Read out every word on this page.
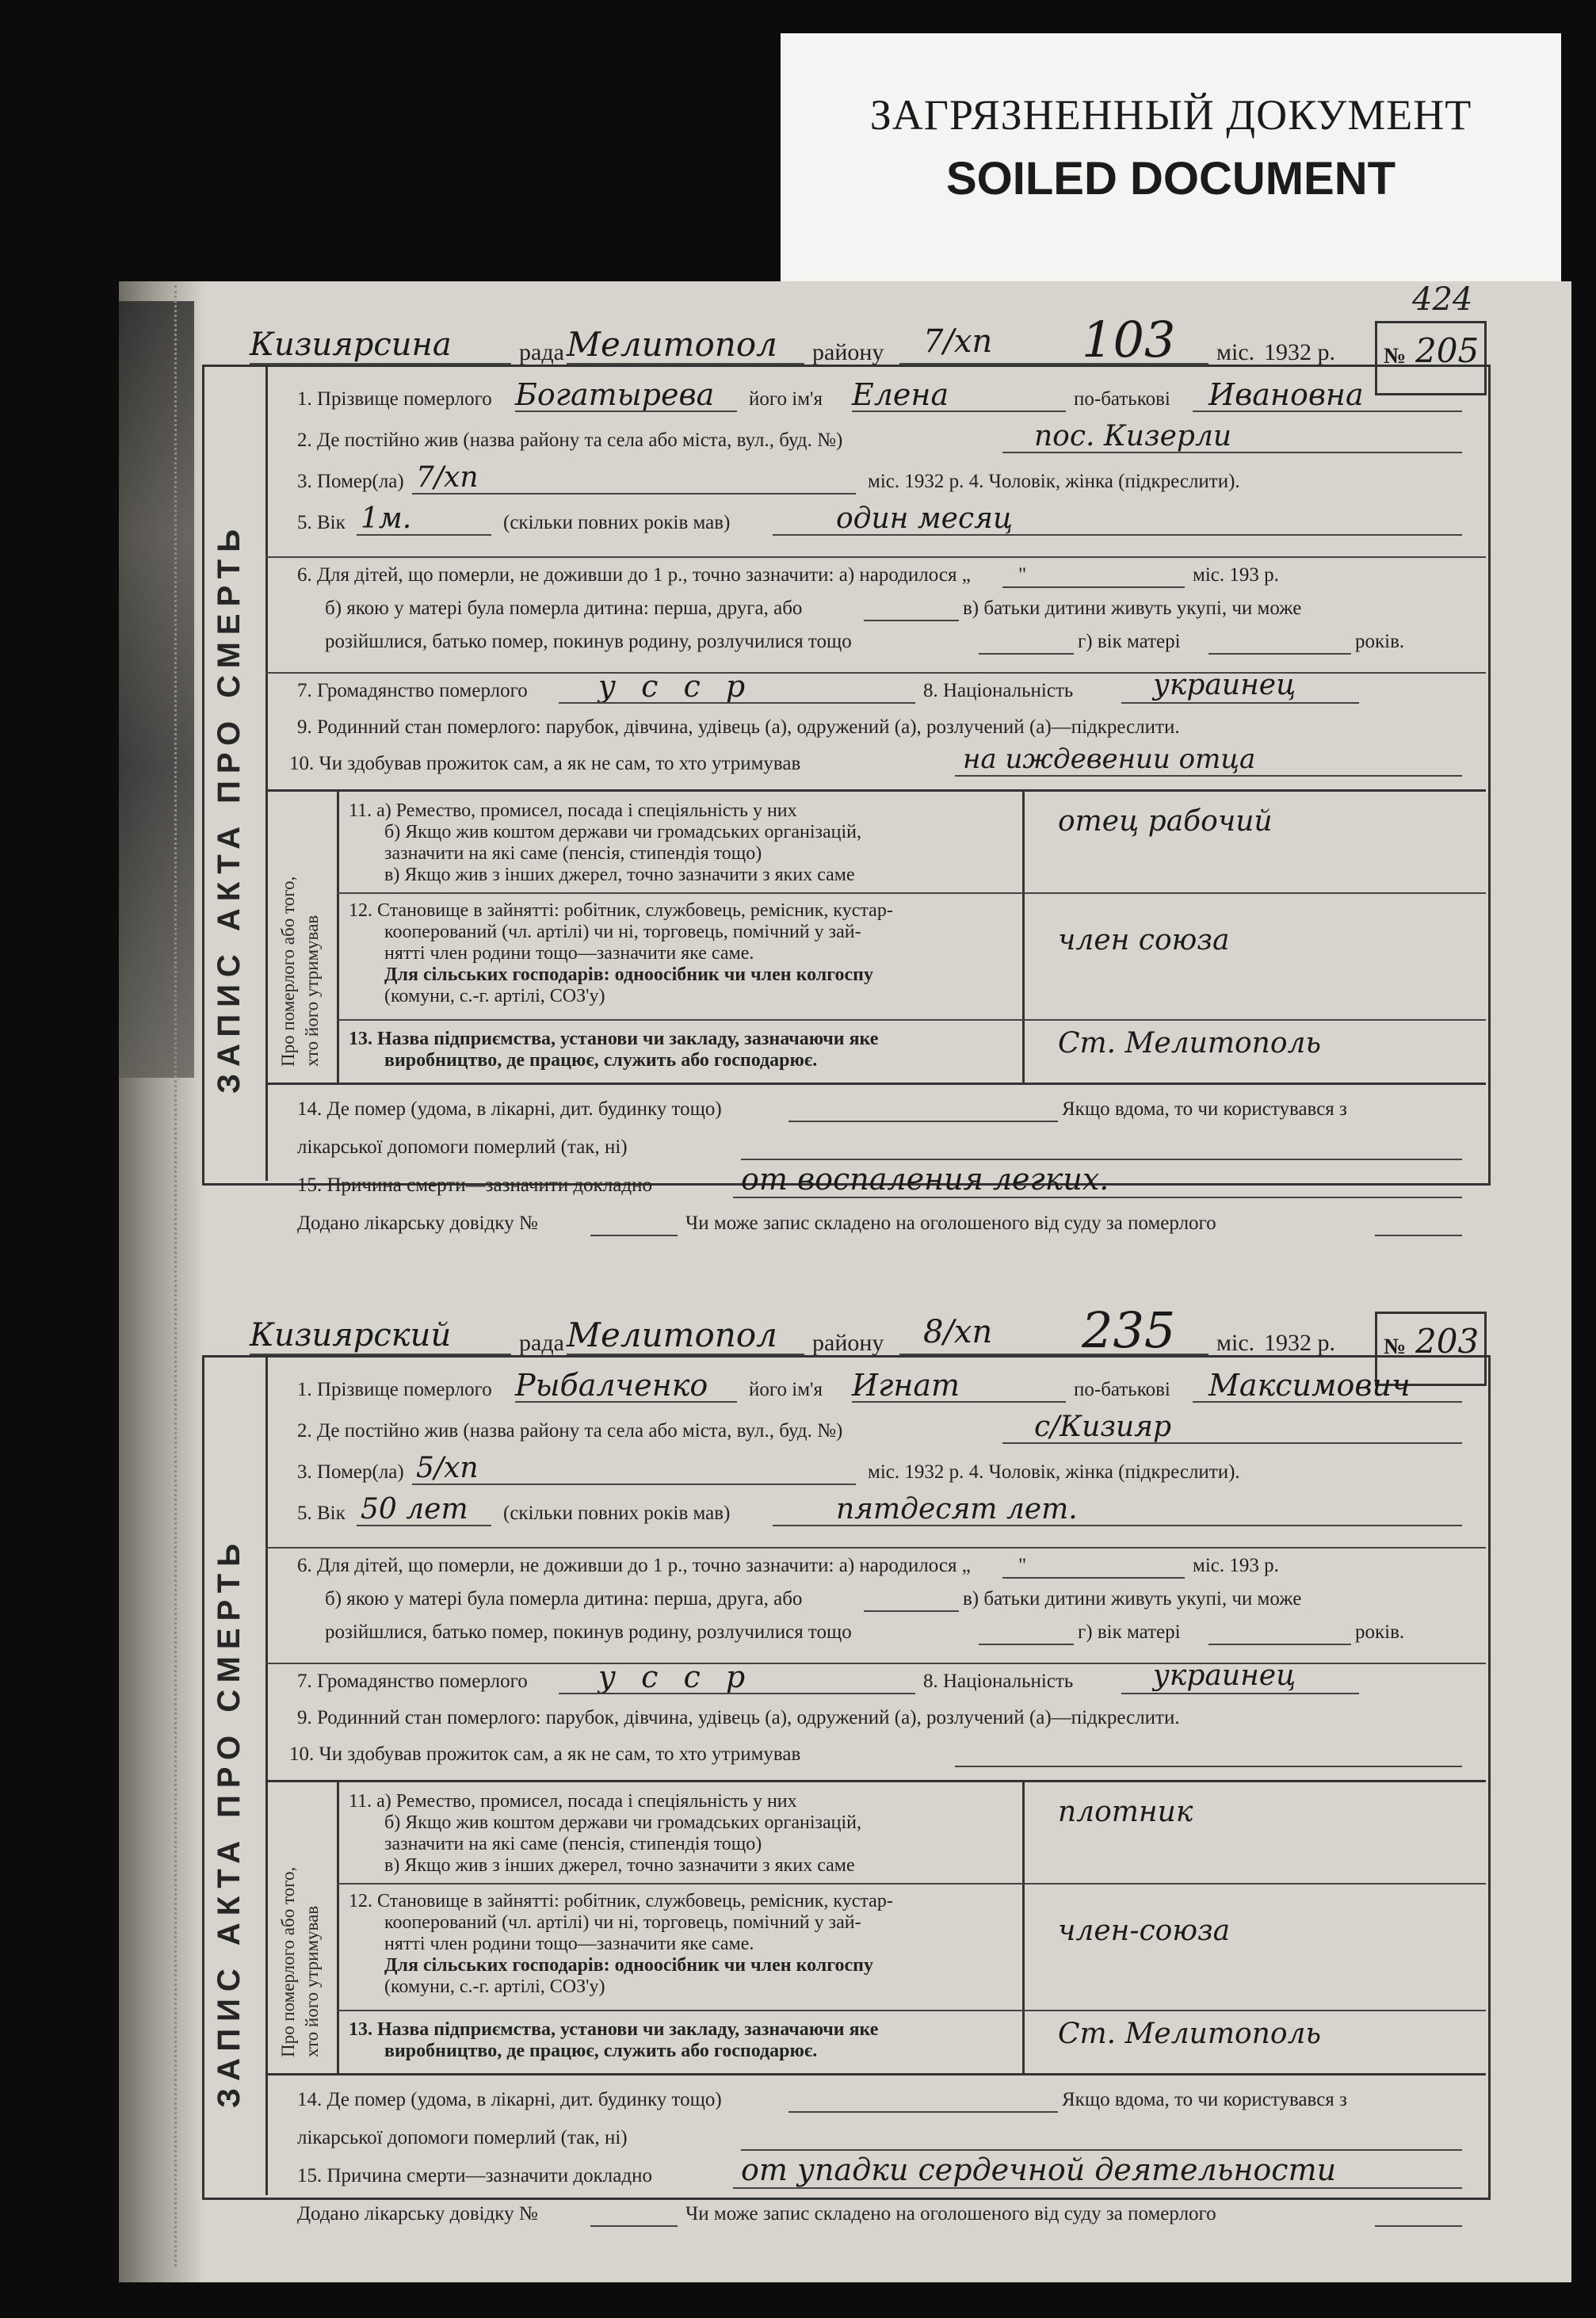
ЗАГРЯЗНЕННЫЙ ДОКУМЕНТ
SOILED DOCUMENT
424
Кизиярсина	рада Мелитопол району 7/хп 103 міс. 1932 р. № 205
ЗАПИС АКТА ПРО СМЕРТЬ
1. Прізвище померлого Богатырева його ім'я Елена	по-батькові Ивановна
2. Де постійно жив (назва району та села або міста, вул., буд. №)	пос. Кизерли
3. Помер(ла) 7/хп	міс. 1932 р. 4. Чоловік, жінка (підкреслити).
5. Вік 1м.	(скільки повних років мав)	один месяц
6. Для дітей, що померли, не доживши до 1 р., точно зазначити: а) народилося „ "	міс. 193 р.
б) якою у матері була померла дитина: перша, друга, або	в) батьки дитини живуть укупі, чи може
розійшлися, батько помер, покинув родину, розлучилися тощо	г) вік матері	років.
7. Громадянство померлого у с с р	8. Національність	украинец
9. Родинний стан померлого: парубок, дівчина, удівець (а), одружений (а), розлучений (а)—підкреслити.
10. Чи здобував прожиток сам, а як не сам, то хто утримував	на иждевении отца
Про померлого або того, хто його утримував
11. а) Ремество, промисел, посада і спеціяльність у них
б) Якщо жив коштом держави чи громадських організацій,
зазначити на які саме (пенсія, стипендія тощо)
в) Якщо жив з інших джерел, точно зазначити з яких саме
отец рабочий
12. Становище в зайнятті: робітник, службовець, ремісник, кустар-
кооперований (чл. артілі) чи ні, торговець, помічний у зай-
нятті член родини тощо—зазначити яке саме.
Для сільських господарів: одноосібник чи член колгоспу
(комуни, с.-г. артілі, СОЗ'у)
член союза
13. Назва підприємства, установи чи закладу, зазначаючи яке
виробництво, де працює, служить або господарює.
Ст. Мелитополь
14. Де помер (удома, в лікарні, дит. будинку тощо)	Якщо вдома, то чи користувався з
лікарської допомоги померлий (так, ні)
15. Причина смерти—зазначити докладно	от воспаления легких.
Додано лікарську довідку №	Чи може запис складено на оголошеного від суду за померлого
Кизиярский	рада Мелитопол району 8/хп 235 міс. 1932 р. № 203
ЗАПИС АКТА ПРО СМЕРТЬ
1. Прізвище померлого Рыбалченко його ім'я Игнат	по-батькові Максимович
2. Де постійно жив (назва району та села або міста, вул., буд. №)	с/Кизияр
3. Помер(ла) 5/хп	міс. 1932 р. 4. Чоловік, жінка (підкреслити).
5. Вік 50 лет (скільки повних років мав)	пятдесят лет.
6. Для дітей, що померли, не доживши до 1 р., точно зазначити: а) народилося „ "	міс. 193 р.
б) якою у матері була померла дитина: перша, друга, або	в) батьки дитини живуть укупі, чи може
розійшлися, батько помер, покинув родину, розлучилися тощо	г) вік матері	років.
7. Громадянство померлого у с с р	8. Національність	украинец
9. Родинний стан померлого: парубок, дівчина, удівець (а), одружений (а), розлучений (а)—підкреслити.
10. Чи здобував прожиток сам, а як не сам, то хто утримував
Про померлого або того, хто його утримував
11. а) Ремество, промисел, посада і спеціяльність у них
б) Якщо жив коштом держави чи громадських організацій,
зазначити на які саме (пенсія, стипендія тощо)
в) Якщо жив з інших джерел, точно зазначити з яких саме
плотник
12. Становище в зайнятті: робітник, службовець, ремісник, кустар-
кооперований (чл. артілі) чи ні, торговець, помічний у зай-
нятті член родини тощо—зазначити яке саме.
Для сільських господарів: одноосібник чи член колгоспу
(комуни, с.-г. артілі, СОЗ'у)
член-союза
13. Назва підприємства, установи чи закладу, зазначаючи яке
виробництво, де працює, служить або господарює.
Ст. Мелитополь
14. Де помер (удома, в лікарні, дит. будинку тощо)	Якщо вдома, то чи користувався з
лікарської допомоги померлий (так, ні)
15. Причина смерти—зазначити докладно	от упадки сердечной деятельности
Додано лікарську довідку №	Чи може запис складено на оголошеного від суду за померлого
